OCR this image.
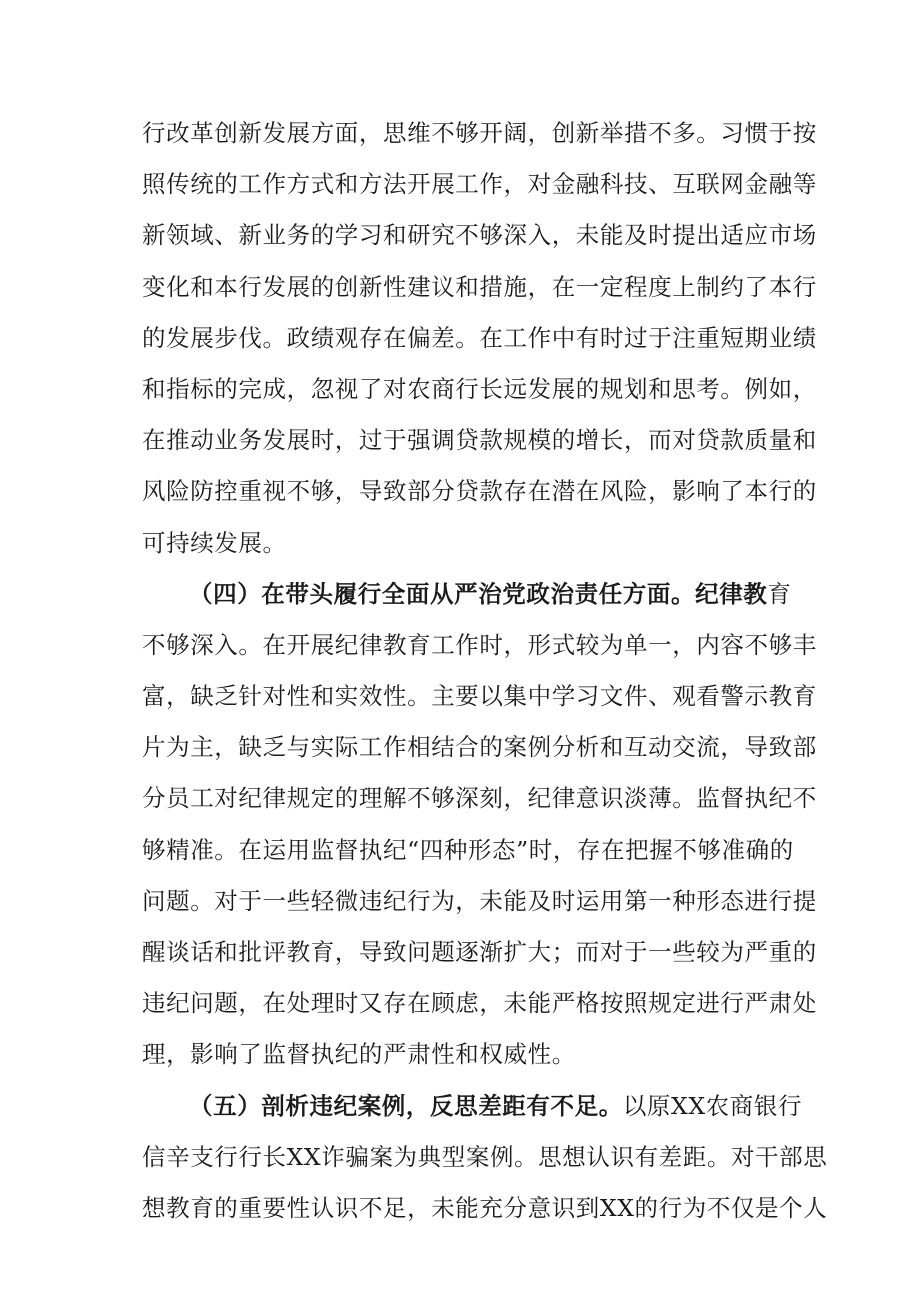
行改革创新发展方面，思维不够开阔，创新举措不多。习惯于按
照传统的工作方式和方法开展工作，对金融科技、互联网金融等
新领域、新业务的学习和研究不够深入，未能及时提出适应市场
变化和本行发展的创新性建议和措施，在一定程度上制约了本行
的发展步伐。政绩观存在偏差。在工作中有时过于注重短期业绩
和指标的完成，忽视了对农商行长远发展的规划和思考。例如，
在推动业务发展时，过于强调贷款规模的增长，而对贷款质量和
风险防控重视不够，导致部分贷款存在潜在风险，影响了本行的
可持续发展。
（四）在带头履行全面从严治党政治责任方面。纪律教育
不够深入。在开展纪律教育工作时，形式较为单一，内容不够丰
富，缺乏针对性和实效性。主要以集中学习文件、观看警示教育
片为主，缺乏与实际工作相结合的案例分析和互动交流，导致部
分员工对纪律规定的理解不够深刻，纪律意识淡薄。监督执纪不
够精准。在运用监督执纪“四种形态”时，存在把握不够准确的
问题。对于一些轻微违纪行为，未能及时运用第一种形态进行提
醒谈话和批评教育，导致问题逐渐扩大；而对于一些较为严重的
违纪问题，在处理时又存在顾虑，未能严格按照规定进行严肃处
理，影响了监督执纪的严肃性和权威性。
（五）剖析违纪案例，反思差距有不足。以原XX农商银行
信辛支行行长XX诈骗案为典型案例。思想认识有差距。对干部思
想教育的重要性认识不足，未能充分意识到XX的行为不仅是个人
